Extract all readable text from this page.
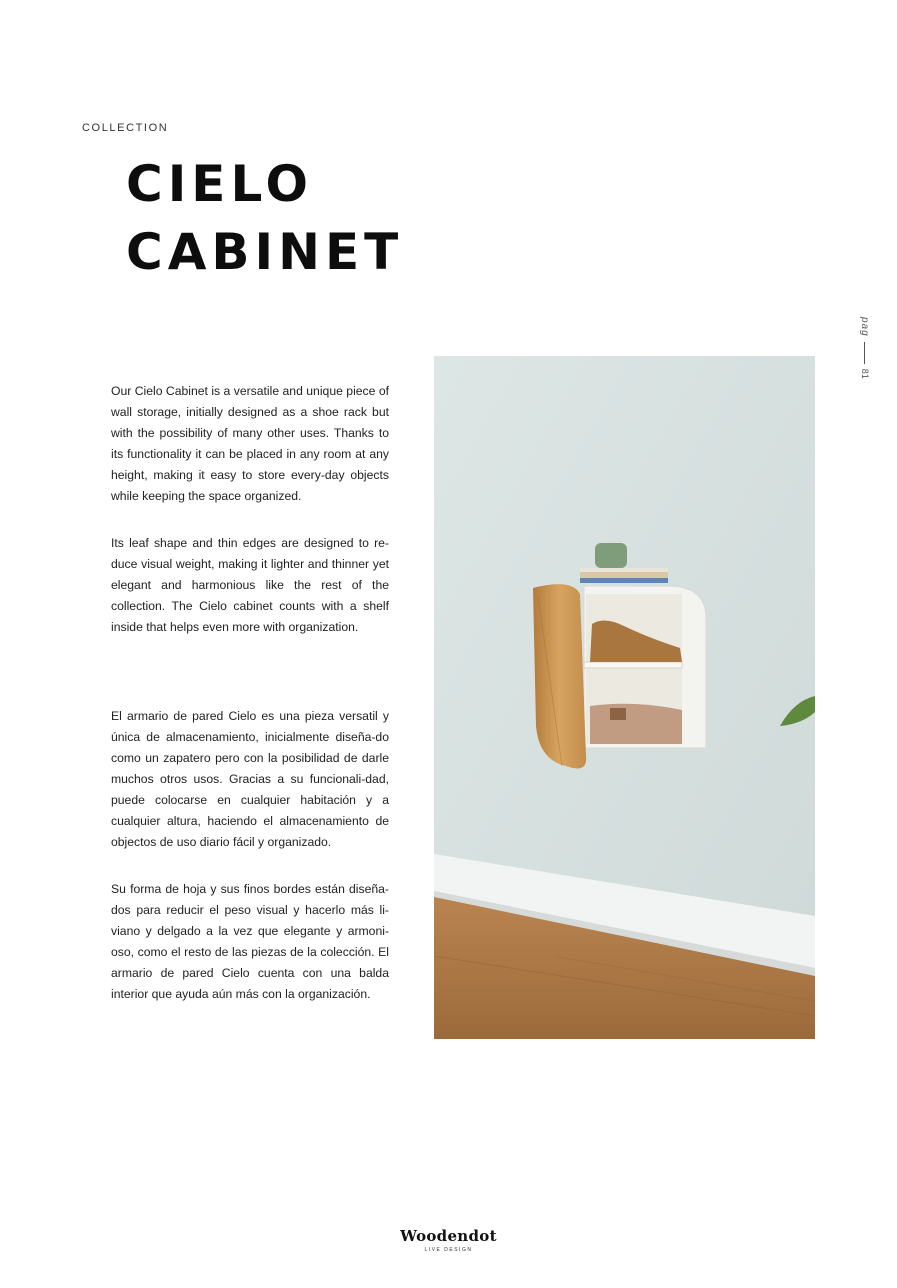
COLLECTION
CIELO
CABINET
pag
81

Our Cielo Cabinet is a versatile and unique piece of wall storage, initially designed as a shoe rack but with the possibility of many other uses. Thanks to its functionality it can be placed in any room at any height, making it easy to store every-day objects while keeping the space organized.

Its leaf shape and thin edges are designed to re-duce visual weight, making it lighter and thinner yet elegant and harmonious like the rest of the collection. The Cielo cabinet counts with a shelf inside that helps even more with organization.

El armario de pared Cielo es una pieza versatil y única de almacenamiento, inicialmente diseña-do como un zapatero pero con la posibilidad de darle muchos otros usos. Gracias a su funcionali-dad, puede colocarse en cualquier habitación y a cualquier altura, haciendo el almacenamiento de objectos de uso diario fácil y organizado.

Su forma de hoja y sus finos bordes están diseña-dos para reducir el peso visual y hacerlo más li-viano y delgado a la vez que elegante y armoni-oso, como el resto de las piezas de la colección. El armario de pared Cielo cuenta con una balda interior que ayuda aún más con la organización.

Woodendot
LIVE DESIGN
